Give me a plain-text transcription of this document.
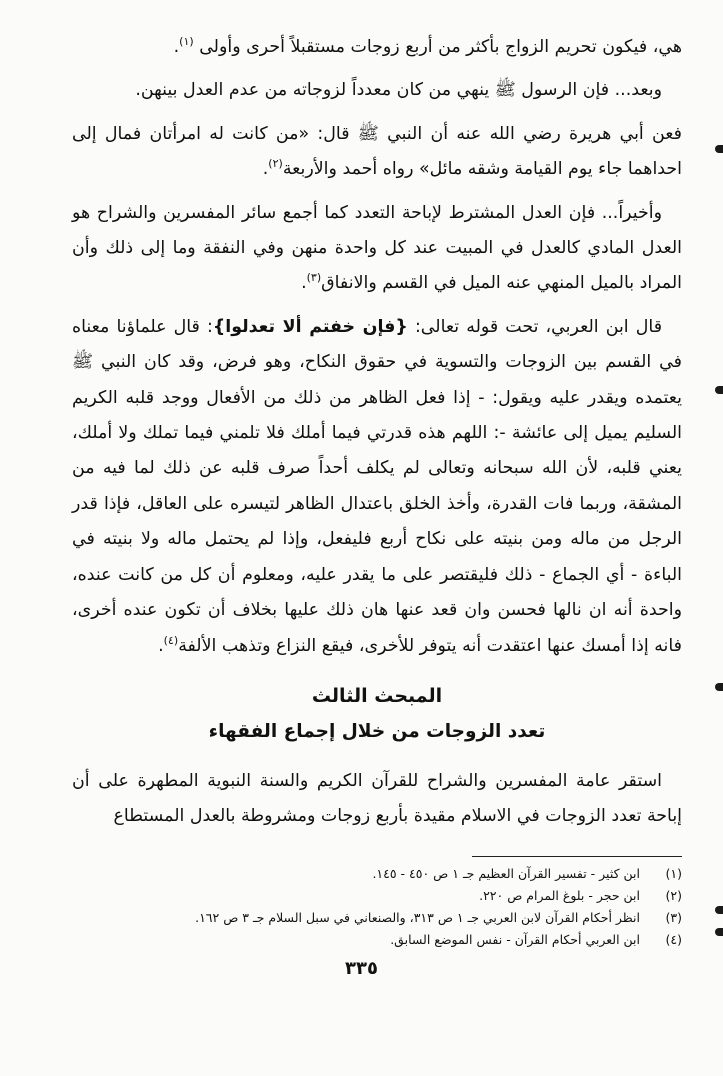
هي، فيكون تحريم الزواج بأكثر من أربع زوجات مستقبلاً أحرى وأولى $^{(١)}$.

وبعد... فإن الرسول ﷺ ينهي من كان معدداً لزوجاته من عدم العدل بينهن.

فعن أبي هريرة رضي الله عنه أن النبي ﷺ قال: «من كانت له امرأتان فمال إلى احداهما جاء يوم القيامة وشقه مائل» رواه أحمد والأربعة$^{(٢)}$.

وأخيراً... فإن العدل المشترط لإباحة التعدد كما أجمع سائر المفسرين والشراح هو العدل المادي كالعدل في المبيت عند كل واحدة منهن وفي النفقة وما إلى ذلك وأن المراد بالميل المنهي عنه الميل في القسم والانفاق$^{(٣)}$.

قال ابن العربي، تحت قوله تعالى: {فإن خفتم ألا تعدلوا}: قال علماؤنا معناه في القسم بين الزوجات والتسوية في حقوق النكاح، وهو فرض، وقد كان النبي ﷺ يعتمده ويقدر عليه ويقول: - إذا فعل الظاهر من ذلك من الأفعال ووجد قلبه الكريم السليم يميل إلى عائشة -: اللهم هذه قدرتي فيما أملك فلا تلمني فيما تملك ولا أملك، يعني قلبه، لأن الله سبحانه وتعالى لم يكلف أحداً صرف قلبه عن ذلك لما فيه من المشقة، وربما فات القدرة، وأخذ الخلق باعتدال الظاهر لتيسره على العاقل، فإذا قدر الرجل من ماله ومن بنيته على نكاح أربع فليفعل، وإذا لم يحتمل ماله ولا بنيته في الباءة - أي الجماع - ذلك فليقتصر على ما يقدر عليه، ومعلوم أن كل من كانت عنده، واحدة أنه ان نالها فحسن وان قعد عنها هان ذلك عليها بخلاف أن تكون عنده أخرى، فانه إذا أمسك عنها اعتقدت أنه يتوفر للأخرى، فيقع النزاع وتذهب الألفة$^{(٤)}$.

المبحث الثالث

تعدد الزوجات من خلال إجماع الفقهاء

استقر عامة المفسرين والشراح للقرآن الكريم والسنة النبوية المطهرة على أن إباحة تعدد الزوجات في الاسلام مقيدة بأربع زوجات ومشروطة بالعدل المستطاع

(١)
ابن كثير - تفسير القرآن العظيم جـ ١ ص ٤٥٠ - ١٤٥.
(٢)
ابن حجر - بلوغ المرام ص ٢٢٠.
(٣)
انظر أحكام القرآن لابن العربي جـ ١ ص ٣١٣، والصنعاني في سبل السلام جـ ٣ ص ١٦٢.
(٤)
ابن العربي أحكام القرآن - نفس الموضع السابق.
٣٣٥
